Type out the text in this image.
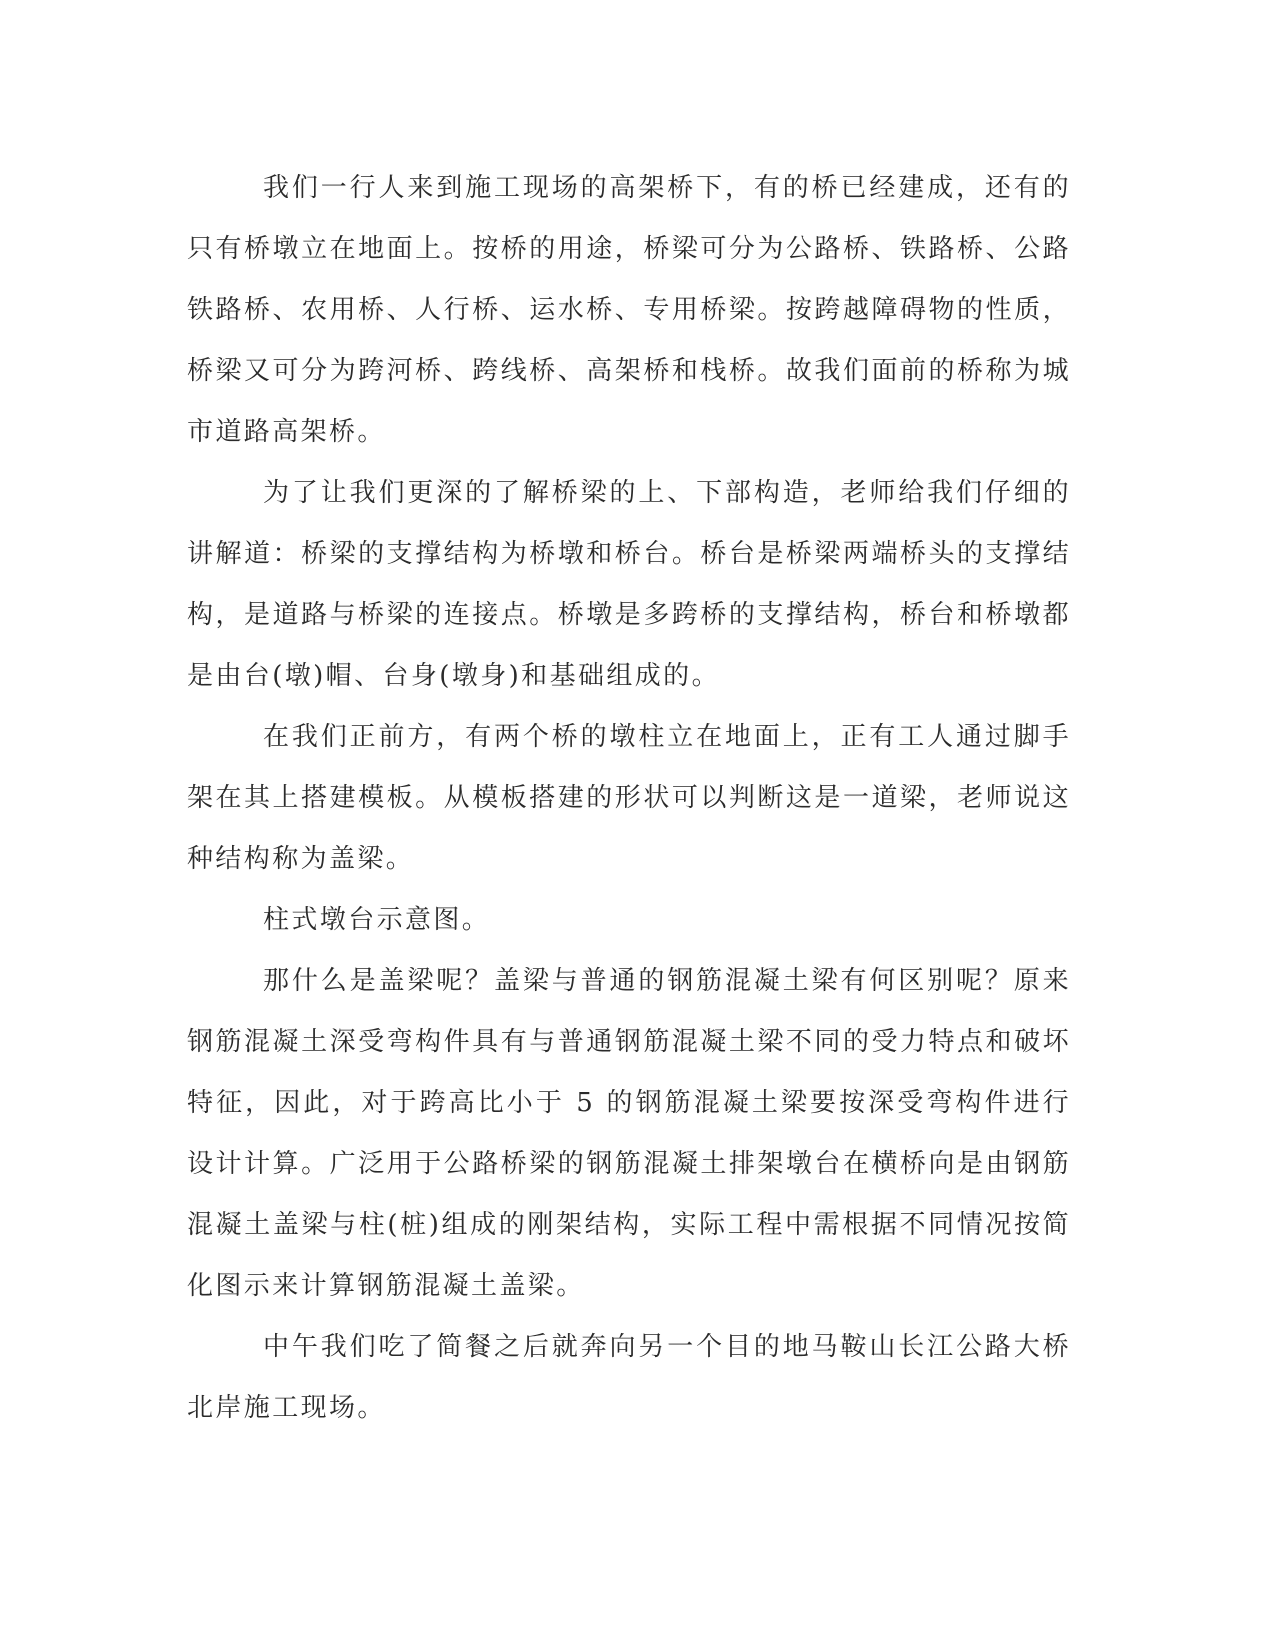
我们一行人来到施工现场的高架桥下，有的桥已经建成，还有的只有桥墩立在地面上。按桥的用途，桥梁可分为公路桥、铁路桥、公路铁路桥、农用桥、人行桥、运水桥、专用桥梁。按跨越障碍物的性质，桥梁又可分为跨河桥、跨线桥、高架桥和栈桥。故我们面前的桥称为城市道路高架桥。

为了让我们更深的了解桥梁的上、下部构造，老师给我们仔细的讲解道：桥梁的支撑结构为桥墩和桥台。桥台是桥梁两端桥头的支撑结构，是道路与桥梁的连接点。桥墩是多跨桥的支撑结构，桥台和桥墩都是由台(墩)帽、台身(墩身)和基础组成的。

在我们正前方，有两个桥的墩柱立在地面上，正有工人通过脚手架在其上搭建模板。从模板搭建的形状可以判断这是一道梁，老师说这种结构称为盖梁。

柱式墩台示意图。

那什么是盖梁呢？盖梁与普通的钢筋混凝土梁有何区别呢？原来钢筋混凝土深受弯构件具有与普通钢筋混凝土梁不同的受力特点和破坏特征，因此，对于跨高比小于 5 的钢筋混凝土梁要按深受弯构件进行设计计算。广泛用于公路桥梁的钢筋混凝土排架墩台在横桥向是由钢筋混凝土盖梁与柱(桩)组成的刚架结构，实际工程中需根据不同情况按简化图示来计算钢筋混凝土盖梁。

中午我们吃了简餐之后就奔向另一个目的地马鞍山长江公路大桥北岸施工现场。
